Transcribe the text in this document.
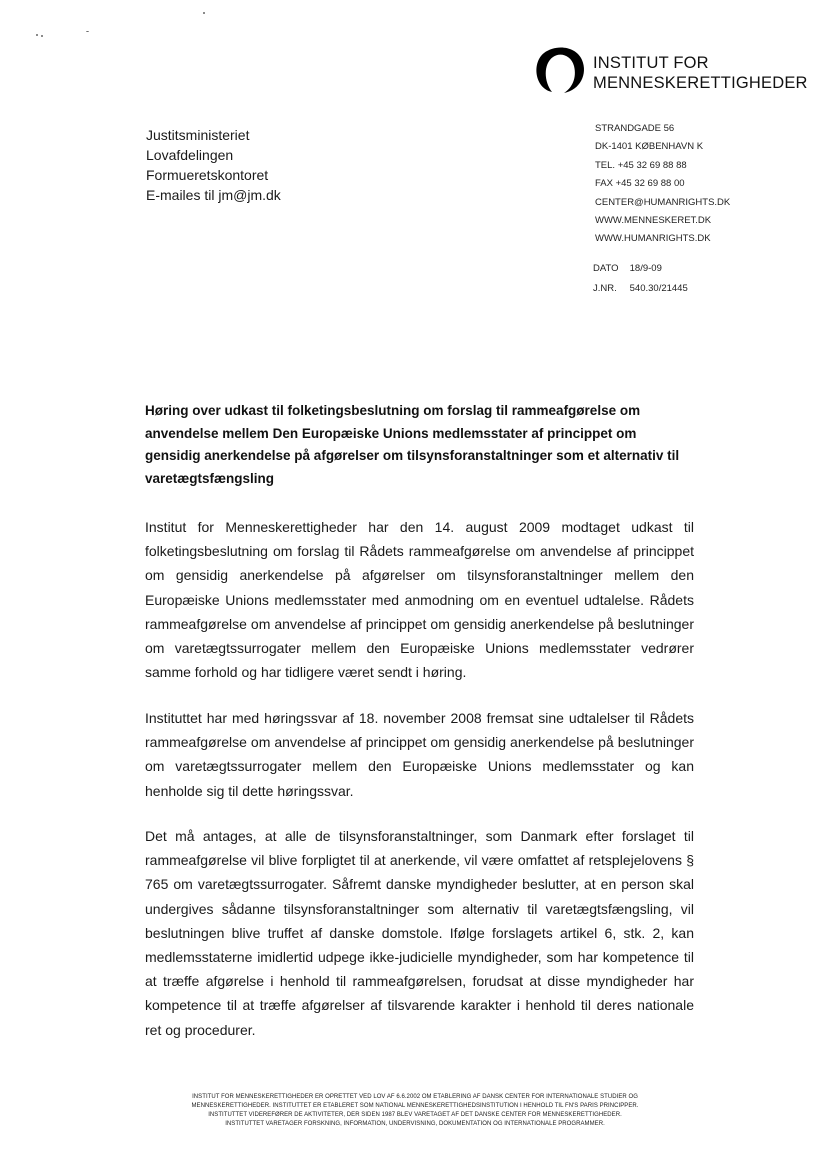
INSTITUT FOR
MENNESKERETTIGHEDER
Justitsministeriet
Lovafdelingen
Formueretskontoret
E-mailes til jm@jm.dk
STRANDGADE 56
DK-1401 KØBENHAVN K
TEL. +45 32 69 88 88
FAX +45 32 69 88 00
CENTER@HUMANRIGHTS.DK
WWW.MENNESKERET.DK
WWW.HUMANRIGHTS.DK
DATO 18/9-09
J.NR. 540.30/21445
Høring over udkast til folketingsbeslutning om forslag til rammeafgørelse om anvendelse mellem Den Europæiske Unions medlemsstater af princippet om gensidig anerkendelse på afgørelser om tilsynsforanstaltninger som et alternativ til varetægtsfængsling
Institut for Menneskerettigheder har den 14. august 2009 modtaget udkast til folketingsbeslutning om forslag til Rådets rammeafgørelse om anvendelse af princippet om gensidig anerkendelse på afgørelser om tilsynsforanstaltninger mellem den Europæiske Unions medlemsstater med anmodning om en eventuel udtalelse. Rådets rammeafgørelse om anvendelse af princippet om gensidig anerkendelse på beslutninger om varetægtssurrogater mellem den Europæiske Unions medlemsstater vedrører samme forhold og har tidligere været sendt i høring.
Instituttet har med høringssvar af 18. november 2008 fremsat sine udtalelser til Rådets rammeafgørelse om anvendelse af princippet om gensidig anerkendelse på beslutninger om varetægtssurrogater mellem den Europæiske Unions medlemsstater og kan henholde sig til dette høringssvar.
Det må antages, at alle de tilsynsforanstaltninger, som Danmark efter forslaget til rammeafgørelse vil blive forpligtet til at anerkende, vil være omfattet af retsplejelovens § 765 om varetægtssurrogater. Såfremt danske myndigheder beslutter, at en person skal undergives sådanne tilsynsforanstaltninger som alternativ til varetægtsfængsling, vil beslutningen blive truffet af danske domstole. Ifølge forslagets artikel 6, stk. 2, kan medlemsstaterne imidlertid udpege ikke-judicielle myndigheder, som har kompetence til at træffe afgørelse i henhold til rammeafgørelsen, forudsat at disse myndigheder har kompetence til at træffe afgørelser af tilsvarende karakter i henhold til deres nationale ret og procedurer.
INSTITUT FOR MENNESKERETTIGHEDER ER OPRETTET VED LOV AF 6.6.2002 OM ETABLERING AF DANSK CENTER FOR INTERNATIONALE STUDIER OG
MENNESKERETTIGHEDER. INSTITUTTET ER ETABLERET SOM NATIONAL MENNESKERETTIGHEDSINSTITUTION I HENHOLD TIL FN'S PARIS PRINCIPPER.
INSTITUTTET VIDEREFØRER DE AKTIVITETER, DER SIDEN 1987 BLEV VARETAGET AF DET DANSKE CENTER FOR MENNESKERETTIGHEDER.
INSTITUTTET VARETAGER FORSKNING, INFORMATION, UNDERVISNING, DOKUMENTATION OG INTERNATIONALE PROGRAMMER.
